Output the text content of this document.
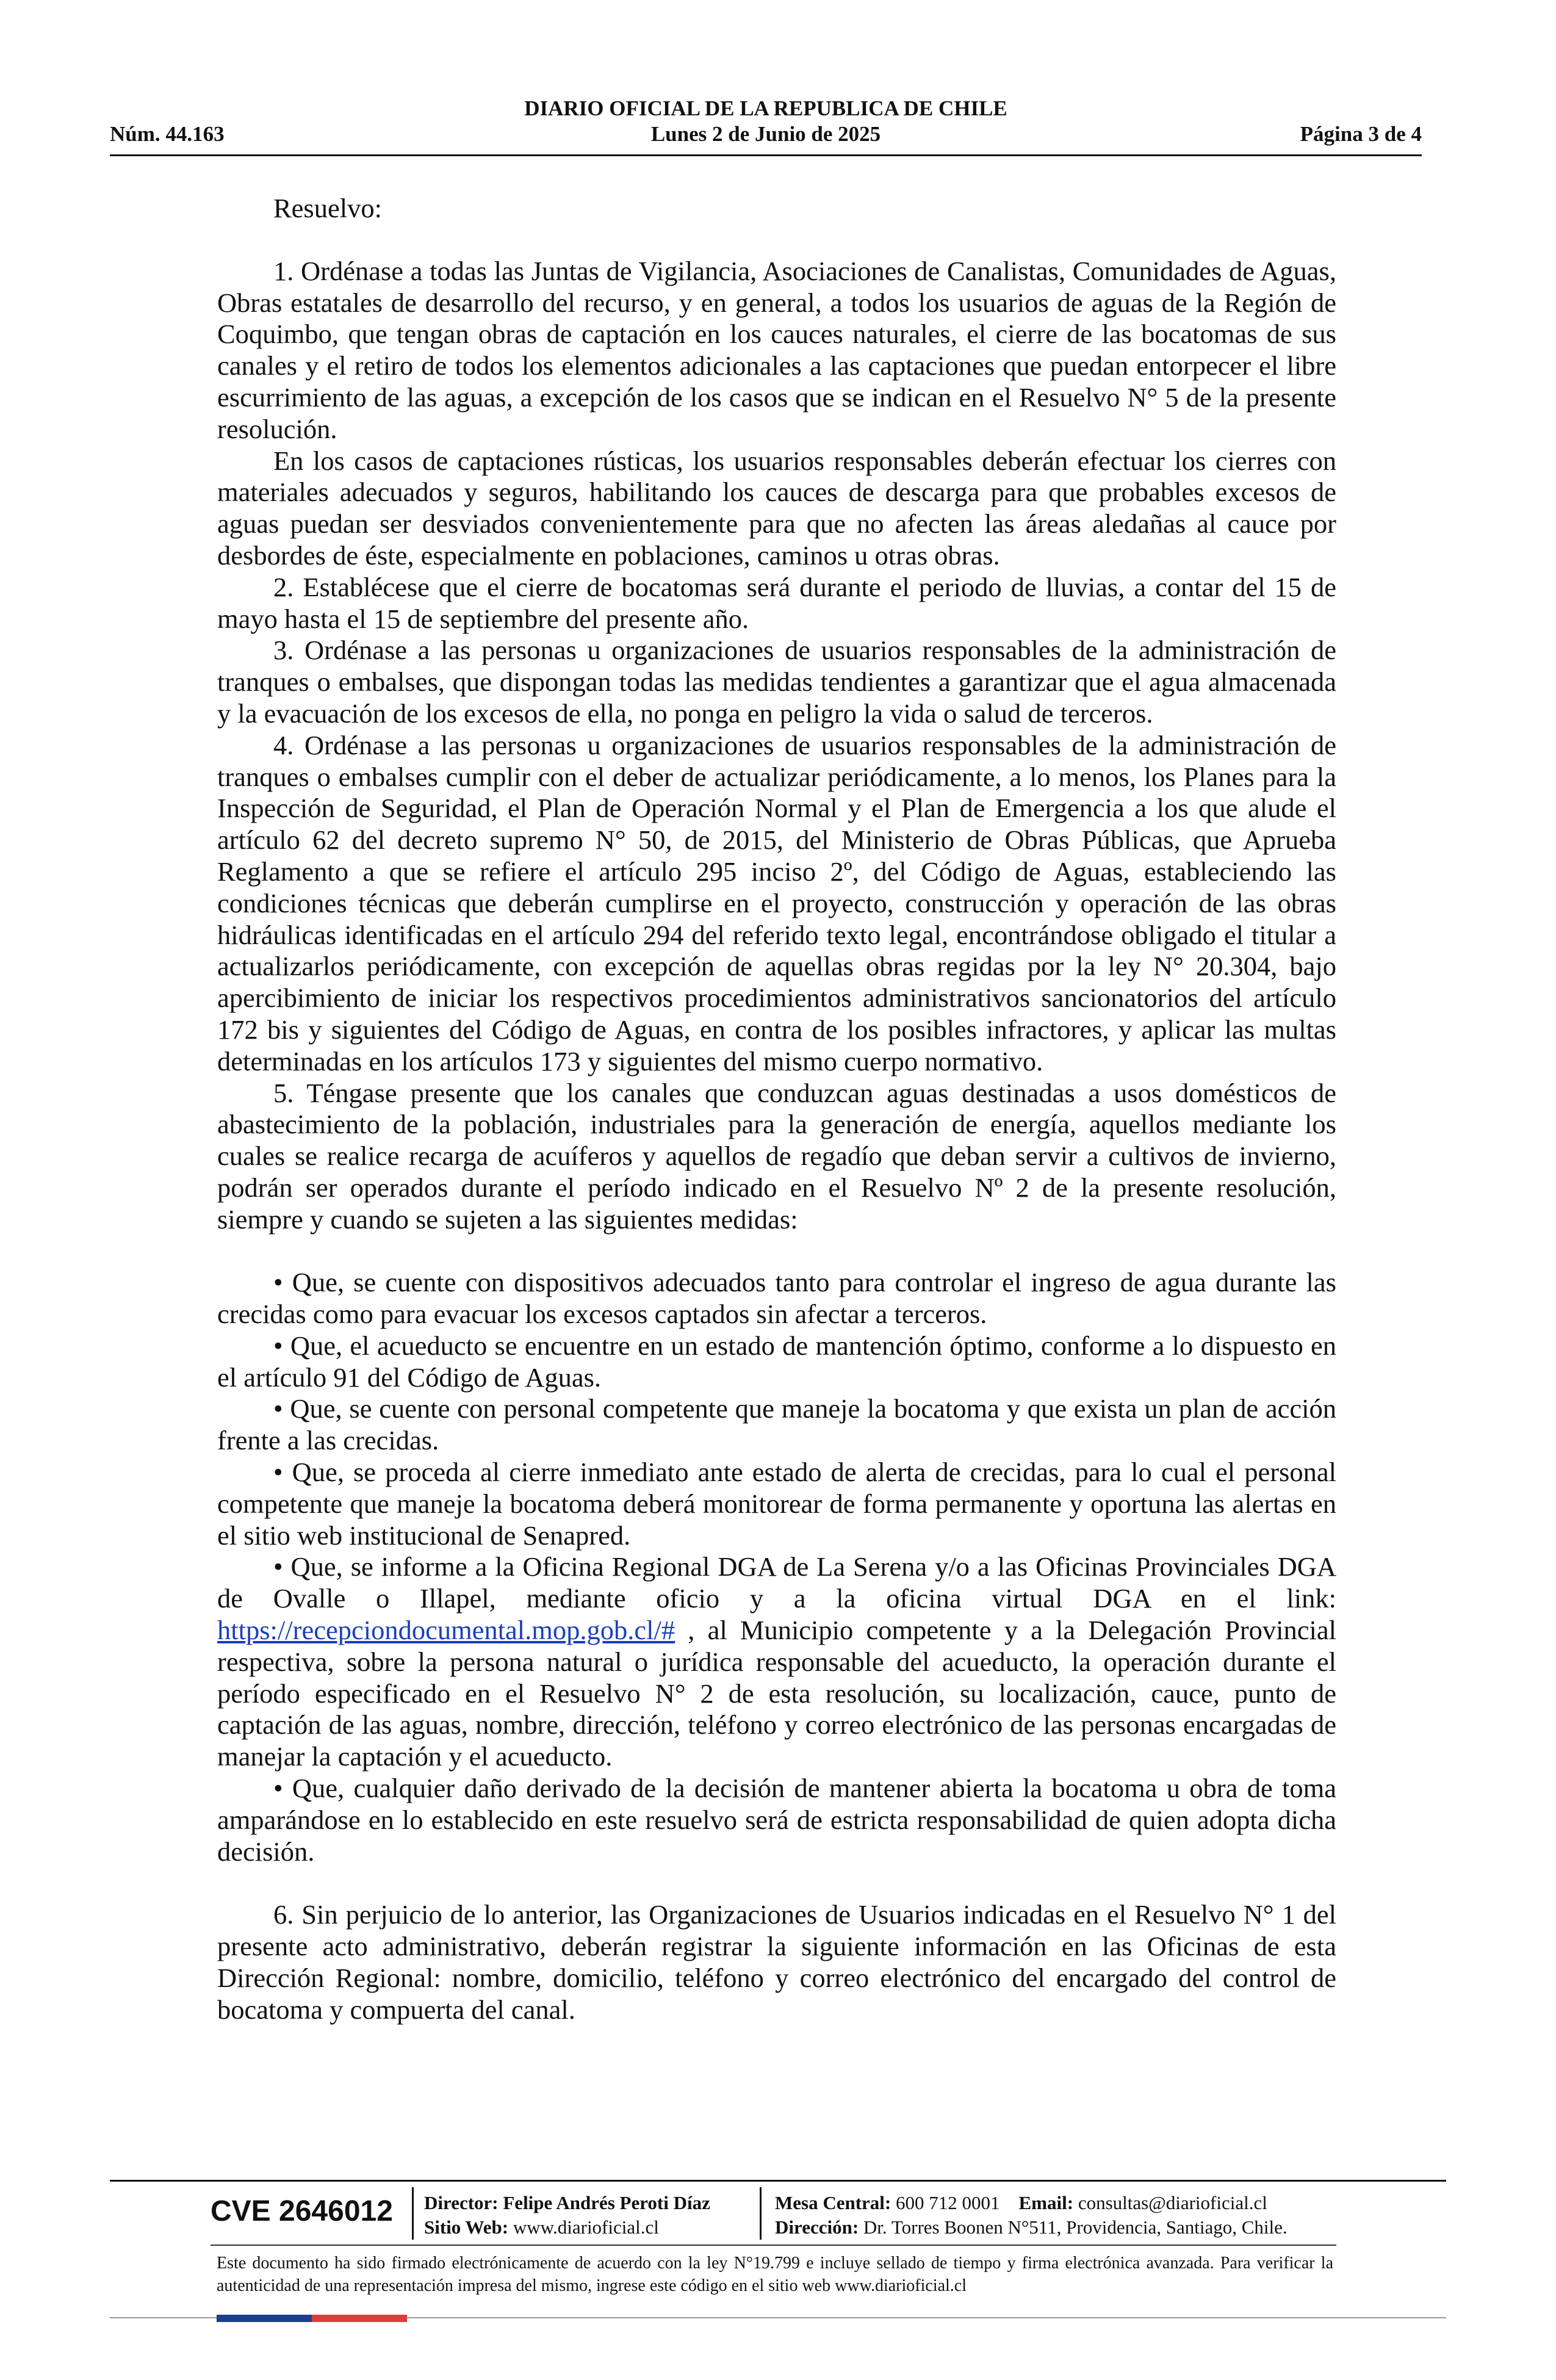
DIARIO OFICIAL DE LA REPUBLICA DE CHILE
Núm. 44.163	Lunes 2 de Junio de 2025	Página 3 de 4

Resuelvo:

1. Ordénase a todas las Juntas de Vigilancia, Asociaciones de Canalistas, Comunidades de Aguas, Obras estatales de desarrollo del recurso, y en general, a todos los usuarios de aguas de la Región de Coquimbo, que tengan obras de captación en los cauces naturales, el cierre de las bocatomas de sus canales y el retiro de todos los elementos adicionales a las captaciones que puedan entorpecer el libre escurrimiento de las aguas, a excepción de los casos que se indican en el Resuelvo N° 5 de la presente resolución.

En los casos de captaciones rústicas, los usuarios responsables deberán efectuar los cierres con materiales adecuados y seguros, habilitando los cauces de descarga para que probables excesos de aguas puedan ser desviados convenientemente para que no afecten las áreas aledañas al cauce por desbordes de éste, especialmente en poblaciones, caminos u otras obras.

2. Establécese que el cierre de bocatomas será durante el periodo de lluvias, a contar del 15 de mayo hasta el 15 de septiembre del presente año.

3. Ordénase a las personas u organizaciones de usuarios responsables de la administración de tranques o embalses, que dispongan todas las medidas tendientes a garantizar que el agua almacenada y la evacuación de los excesos de ella, no ponga en peligro la vida o salud de terceros.

4. Ordénase a las personas u organizaciones de usuarios responsables de la administración de tranques o embalses cumplir con el deber de actualizar periódicamente, a lo menos, los Planes para la Inspección de Seguridad, el Plan de Operación Normal y el Plan de Emergencia a los que alude el artículo 62 del decreto supremo N° 50, de 2015, del Ministerio de Obras Públicas, que Aprueba Reglamento a que se refiere el artículo 295 inciso 2º, del Código de Aguas, estableciendo las condiciones técnicas que deberán cumplirse en el proyecto, construcción y operación de las obras hidráulicas identificadas en el artículo 294 del referido texto legal, encontrándose obligado el titular a actualizarlos periódicamente, con excepción de aquellas obras regidas por la ley N° 20.304, bajo apercibimiento de iniciar los respectivos procedimientos administrativos sancionatorios del artículo 172 bis y siguientes del Código de Aguas, en contra de los posibles infractores, y aplicar las multas determinadas en los artículos 173 y siguientes del mismo cuerpo normativo.

5. Téngase presente que los canales que conduzcan aguas destinadas a usos domésticos de abastecimiento de la población, industriales para la generación de energía, aquellos mediante los cuales se realice recarga de acuíferos y aquellos de regadío que deban servir a cultivos de invierno, podrán ser operados durante el período indicado en el Resuelvo Nº 2 de la presente resolución, siempre y cuando se sujeten a las siguientes medidas:

• Que, se cuente con dispositivos adecuados tanto para controlar el ingreso de agua durante las crecidas como para evacuar los excesos captados sin afectar a terceros.

• Que, el acueducto se encuentre en un estado de mantención óptimo, conforme a lo dispuesto en el artículo 91 del Código de Aguas.

• Que, se cuente con personal competente que maneje la bocatoma y que exista un plan de acción frente a las crecidas.

• Que, se proceda al cierre inmediato ante estado de alerta de crecidas, para lo cual el personal competente que maneje la bocatoma deberá monitorear de forma permanente y oportuna las alertas en el sitio web institucional de Senapred.

• Que, se informe a la Oficina Regional DGA de La Serena y/o a las Oficinas Provinciales DGA de Ovalle o Illapel, mediante oficio y a la oficina virtual DGA en el link: https://recepciondocumental.mop.gob.cl/# , al Municipio competente y a la Delegación Provincial respectiva, sobre la persona natural o jurídica responsable del acueducto, la operación durante el período especificado en el Resuelvo N° 2 de esta resolución, su localización, cauce, punto de captación de las aguas, nombre, dirección, teléfono y correo electrónico de las personas encargadas de manejar la captación y el acueducto.

• Que, cualquier daño derivado de la decisión de mantener abierta la bocatoma u obra de toma amparándose en lo establecido en este resuelvo será de estricta responsabilidad de quien adopta dicha decisión.

6. Sin perjuicio de lo anterior, las Organizaciones de Usuarios indicadas en el Resuelvo N° 1 del presente acto administrativo, deberán registrar la siguiente información en las Oficinas de esta Dirección Regional: nombre, domicilio, teléfono y correo electrónico del encargado del control de bocatoma y compuerta del canal.

CVE 2646012 Director: Felipe Andrés Peroti Díaz
Sitio Web: www.diarioficial.cl
Mesa Central: 600 712 0001 Email: consultas@diarioficial.cl
Dirección: Dr. Torres Boonen N°511, Providencia, Santiago, Chile.
Este documento ha sido firmado electrónicamente de acuerdo con la ley N°19.799 e incluye sellado de tiempo y firma electrónica avanzada. Para verificar la autenticidad de una representación impresa del mismo, ingrese este código en el sitio web www.diarioficial.cl
